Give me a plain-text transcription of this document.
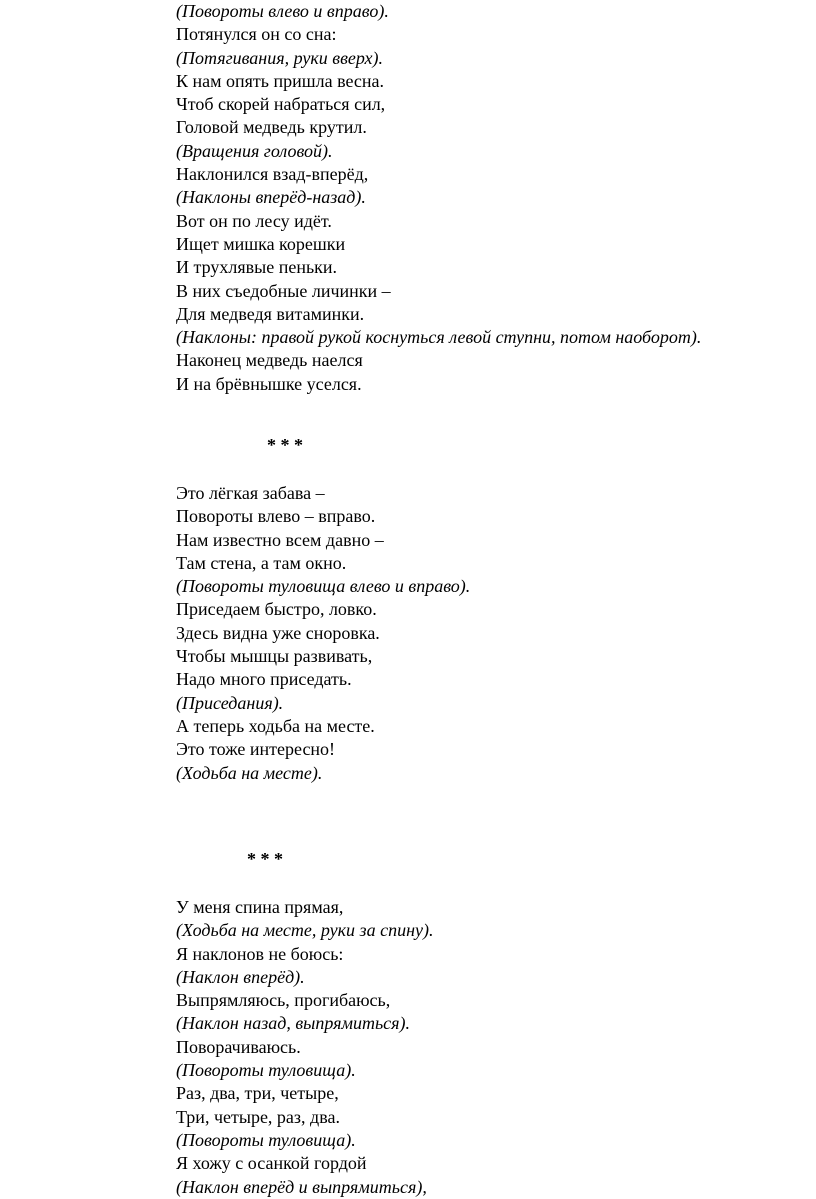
(Повороты влево и вправо).
Потянулся он со сна:
(Потягивания, руки вверх).
К нам опять пришла весна.
Чтоб скорей набраться сил,
Головой медведь крутил.
(Вращения головой).
Наклонился взад-вперёд,
(Наклоны вперёд-назад).
Вот он по лесу идёт.
Ищет мишка корешки
И трухлявые пеньки.
В них съедобные личинки –
Для медведя витаминки.
(Наклоны: правой рукой коснуться левой ступни, потом наоборот).
Наконец медведь наелся
И на брёвнышке уселся.
* * *
Это лёгкая забава –
Повороты влево – вправо.
Нам известно всем давно –
Там стена, а там окно.
(Повороты туловища влево и вправо).
Приседаем быстро, ловко.
Здесь видна уже сноровка.
Чтобы мышцы развивать,
Надо много приседать.
(Приседания).
А теперь ходьба на месте.
Это тоже интересно!
(Ходьба на месте).
* * *
У меня спина прямая,
(Ходьба на месте, руки за спину).
Я наклонов не боюсь:
(Наклон вперёд).
Выпрямляюсь, прогибаюсь,
(Наклон назад, выпрямиться).
Поворачиваюсь.
(Повороты туловища).
Раз, два, три, четыре,
Три, четыре, раз, два.
(Повороты туловища).
Я хожу с осанкой гордой
(Наклон вперёд и выпрямиться),
